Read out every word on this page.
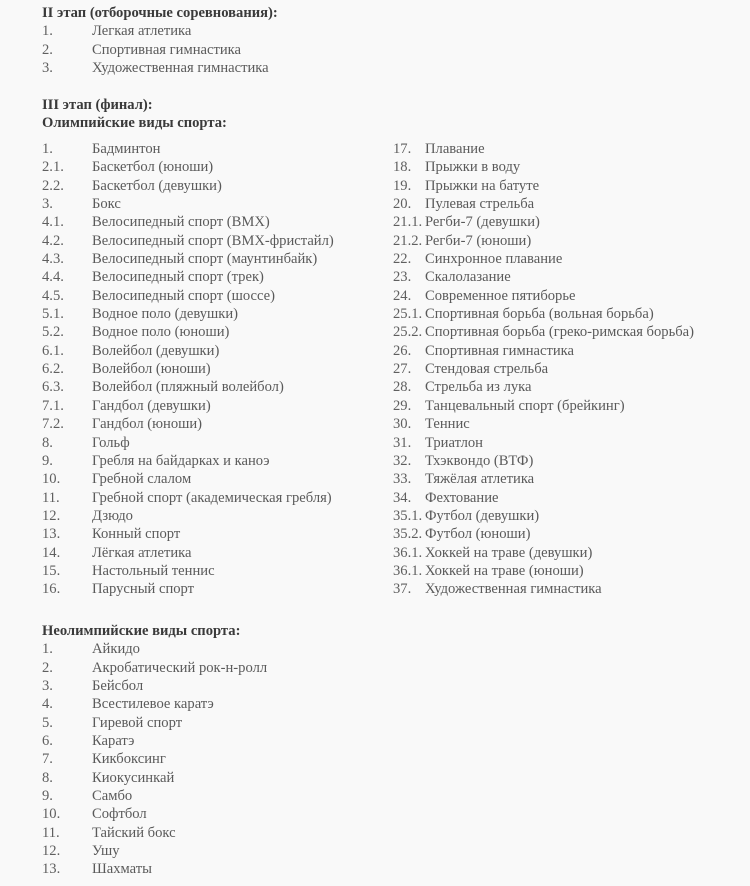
II этап (отборочные соревнования):
1.	Легкая атлетика
2.	Спортивная гимнастика
3.	Художественная гимнастика
III этап (финал):
Олимпийские виды спорта:
1.	Бадминтон
2.1.	Баскетбол (юноши)
2.2.	Баскетбол (девушки)
3.	Бокс
4.1.	Велосипедный спорт (BMX)
4.2.	Велосипедный спорт (BMX-фристайл)
4.3.	Велосипедный спорт (маунтинбайк)
4.4.	Велосипедный спорт (трек)
4.5.	Велосипедный спорт (шоссе)
5.1.	Водное поло (девушки)
5.2.	Водное поло (юноши)
6.1.	Волейбол (девушки)
6.2.	Волейбол (юноши)
6.3.	Волейбол (пляжный волейбол)
7.1.	Гандбол (девушки)
7.2.	Гандбол (юноши)
8.	Гольф
9.	Гребля на байдарках и каноэ
10.	Гребной слалом
11.	Гребной спорт (академическая гребля)
12.	Дзюдо
13.	Конный спорт
14.	Лёгкая атлетика
15.	Настольный теннис
16.	Парусный спорт
17. Плавание
18. Прыжки в воду
19. Прыжки на батуте
20. Пулевая стрельба
21.1. Регби-7 (девушки)
21.2. Регби-7 (юноши)
22. Синхронное плавание
23. Скалолазание
24. Современное пятиборье
25.1. Спортивная борьба (вольная борьба)
25.2. Спортивная борьба (греко-римская борьба)
26. Спортивная гимнастика
27. Стендовая стрельба
28. Стрельба из лука
29. Танцевальный спорт (брейкинг)
30. Теннис
31. Триатлон
32. Тхэквондо (ВТФ)
33. Тяжёлая атлетика
34. Фехтование
35.1. Футбол (девушки)
35.2. Футбол (юноши)
36.1. Хоккей на траве (девушки)
36.1. Хоккей на траве (юноши)
37. Художественная гимнастика
Неолимпийские виды спорта:
1.	Айкидо
2.	Акробатический рок-н-ролл
3.	Бейсбол
4.	Всестилевое каратэ
5.	Гиревой спорт
6.	Каратэ
7.	Кикбоксинг
8.	Киокусинкай
9.	Самбо
10.	Софтбол
11.	Тайский бокс
12.	Ушу
13.	Шахматы
